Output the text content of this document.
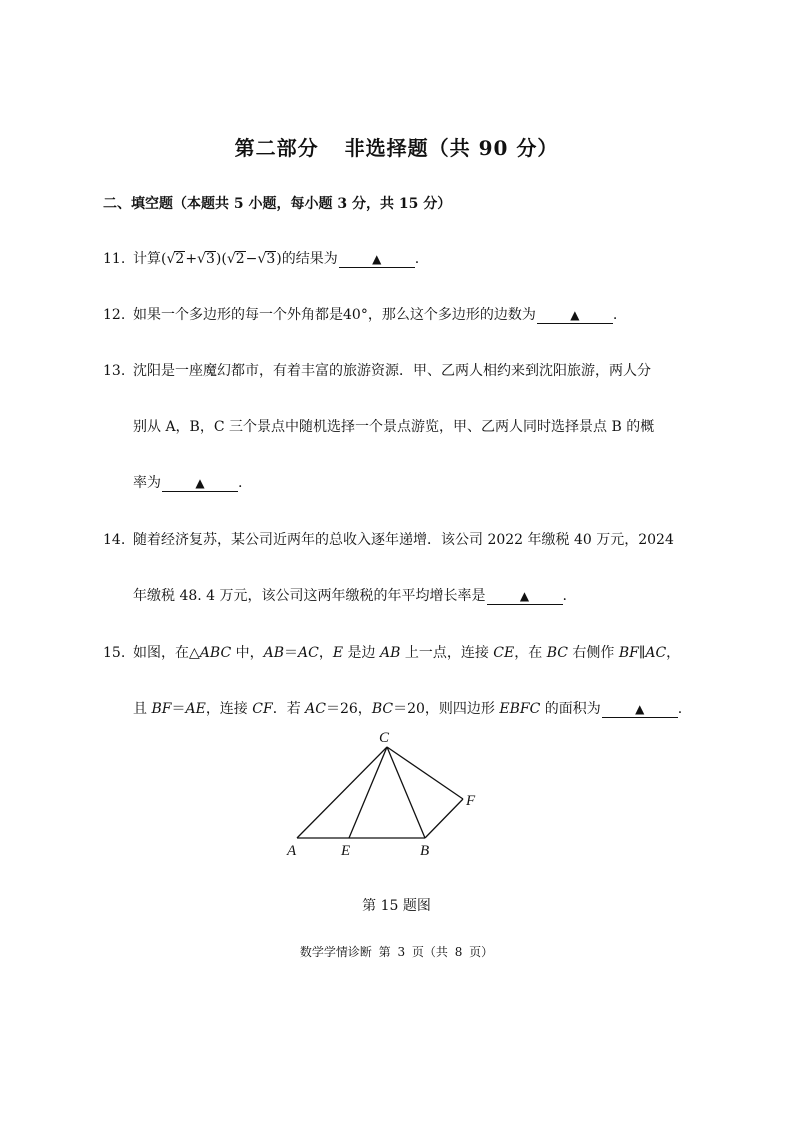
第二部分 非选择题（共 90 分）
二、填空题（本题共 5 小题，每小题 3 分，共 15 分）
11. 计算(√2+√3)(√2−√3)的结果为	▲ .
12. 如果一个多边形的每一个外角都是40°，那么这个多边形的边数为	▲ .
13. 沈阳是一座魔幻都市，有着丰富的旅游资源．甲、乙两人相约来到沈阳旅游，两人分
别从 A，B，C 三个景点中随机选择一个景点游览，甲、乙两人同时选择景点 B 的概
率为	▲ .
14. 随着经济复苏，某公司近两年的总收入逐年递增．该公司 2022 年缴税 40 万元，2024
年缴税 48. 4 万元，该公司这两年缴税的年平均增长率是	▲ .
15. 如图，在△ABC 中，AB＝AC，E 是边 AB 上一点，连接 CE，在 BC 右侧作 BF∥AC，
且 BF＝AE，连接 CF．若 AC＝26，BC＝20，则四边形 EBFC 的面积为	▲ .
C
F
A	E	B
第 15 题图
数学学情诊断 第 3 页（共 8 页）
